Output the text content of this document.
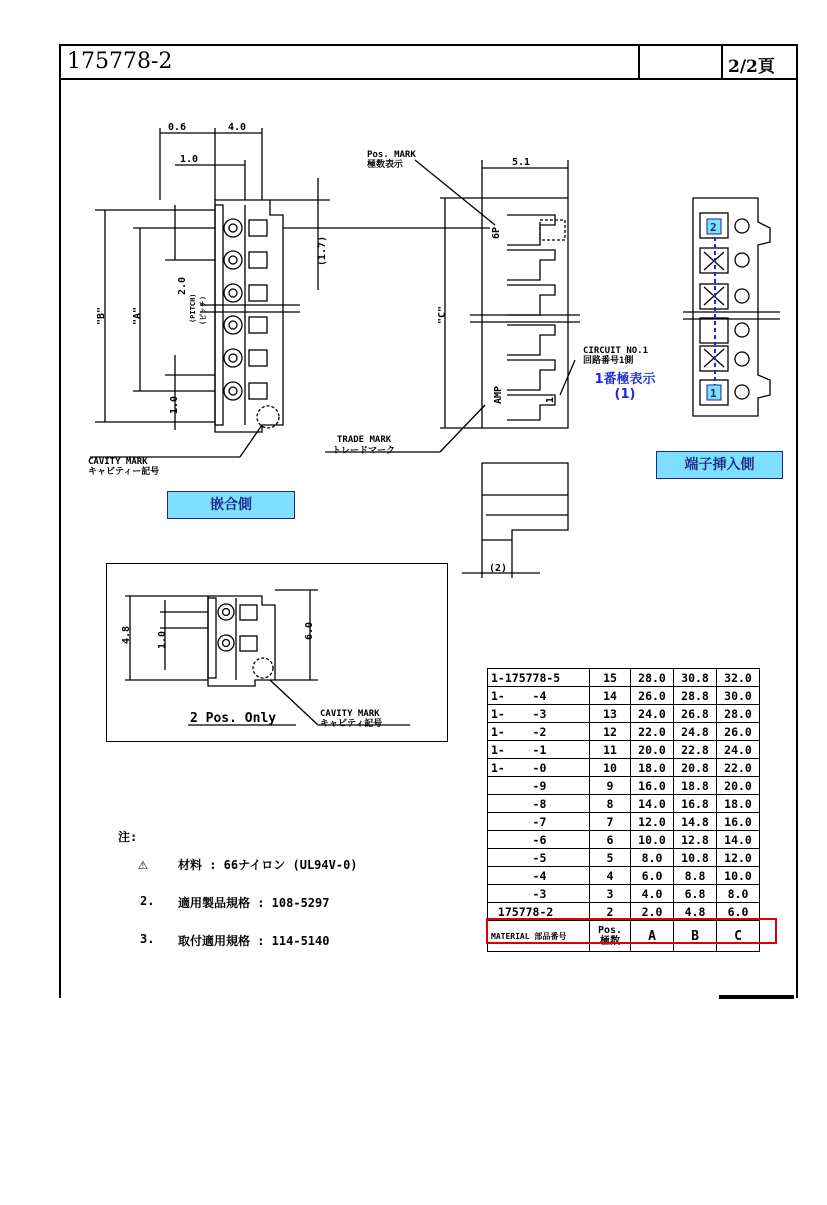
175778-2	2/2頁
0.6	4.0
1.0	5.1
(1.7)
2.0
(PITCH) (ピッチ)
"B"	"A"	"C"
1.0
(2)
Pos. MARK
極数表示
TRADE MARK
トレードマーク
CAVITY MARK
キャビティー記号
CIRCUIT NO.1
回路番号1側
6P
AMP	1
4.8	1.0	6.0
2 Pos. Only	CAVITY MARK
キャビティ記号
2
1
嵌合側
端子挿入側
1番極表示
(1)
1-175778-5	15	28.0	30.8	32.0
1-    -4	14	26.0	28.8	30.0
1-    -3	13	24.0	26.8	28.0
1-    -2	12	22.0	24.8	26.0
1-    -1	11	20.0	22.8	24.0
1-    -0	10	18.0	20.8	22.0
-9	9	16.0	18.8	20.0
-8	8	14.0	16.8	18.0
-7	7	12.0	14.8	16.0
-6	6	10.0	12.8	14.0
-5	5	8.0	10.8	12.0
-4	4	6.0	8.8	10.0
-3	3	4.0	6.8	8.0
175778-2	2	2.0	4.8	6.0
MATERIAL 部品番号	Pos. 極数	A	B	C
注:
⚠	材料 : 66ナイロン (UL94V-0)
2. 適用製品規格 : 108-5297
3. 取付適用規格 : 114-5140
